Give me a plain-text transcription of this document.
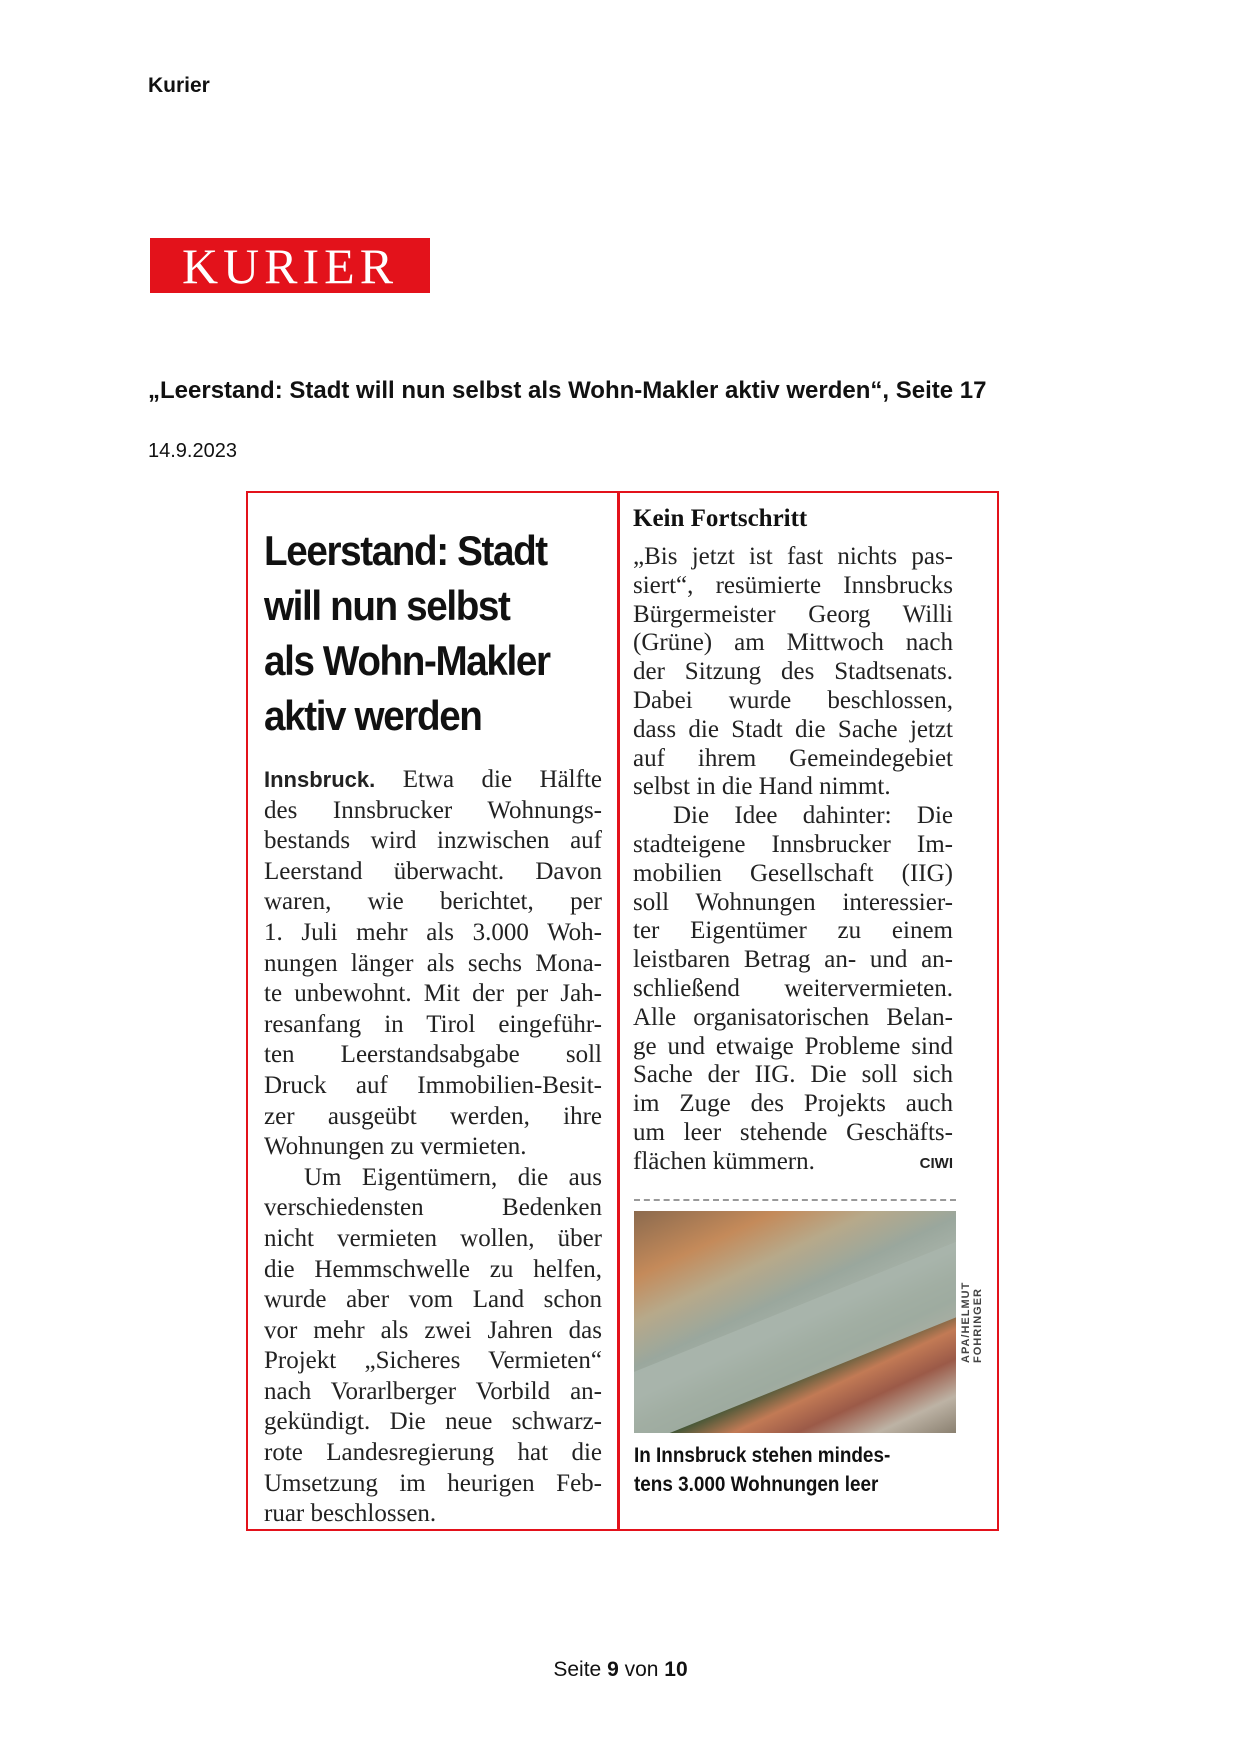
Kurier
KURIER
„Leerstand: Stadt will nun selbst als Wohn-Makler aktiv werden“, Seite 17
14.9.2023
Leerstand: Stadt
will nun selbst
als Wohn-Makler
aktiv werden
Innsbruck. Etwa die Hälfte
des Innsbrucker Wohnungs-
bestands wird inzwischen auf
Leerstand überwacht. Davon
waren, wie berichtet, per
1. Juli mehr als 3.000 Woh-
nungen länger als sechs Mona-
te unbewohnt. Mit der per Jah-
resanfang in Tirol eingeführ-
ten Leerstandsabgabe soll
Druck auf Immobilien-Besit-
zer ausgeübt werden, ihre
Wohnungen zu vermieten.
Um Eigentümern, die aus
verschiedensten Bedenken
nicht vermieten wollen, über
die Hemmschwelle zu helfen,
wurde aber vom Land schon
vor mehr als zwei Jahren das
Projekt „Sicheres Vermieten“
nach Vorarlberger Vorbild an-
gekündigt. Die neue schwarz-
rote Landesregierung hat die
Umsetzung im heurigen Feb-
ruar beschlossen.
Kein Fortschritt
„Bis jetzt ist fast nichts pas-
siert“, resümierte Innsbrucks
Bürgermeister Georg Willi
(Grüne) am Mittwoch nach
der Sitzung des Stadtsenats.
Dabei wurde beschlossen,
dass die Stadt die Sache jetzt
auf ihrem Gemeindegebiet
selbst in die Hand nimmt.
Die Idee dahinter: Die
stadteigene Innsbrucker Im-
mobilien Gesellschaft (IIG)
soll Wohnungen interessier-
ter Eigentümer zu einem
leistbaren Betrag an- und an-
schließend weitervermieten.
Alle organisatorischen Belan-
ge und etwaige Probleme sind
Sache der IIG. Die soll sich
im Zuge des Projekts auch
um leer stehende Geschäfts-
flächen kümmern.	CIWI
APA/HELMUT FOHRINGER
In Innsbruck stehen mindes-
tens 3.000 Wohnungen leer
Seite 9 von 10
